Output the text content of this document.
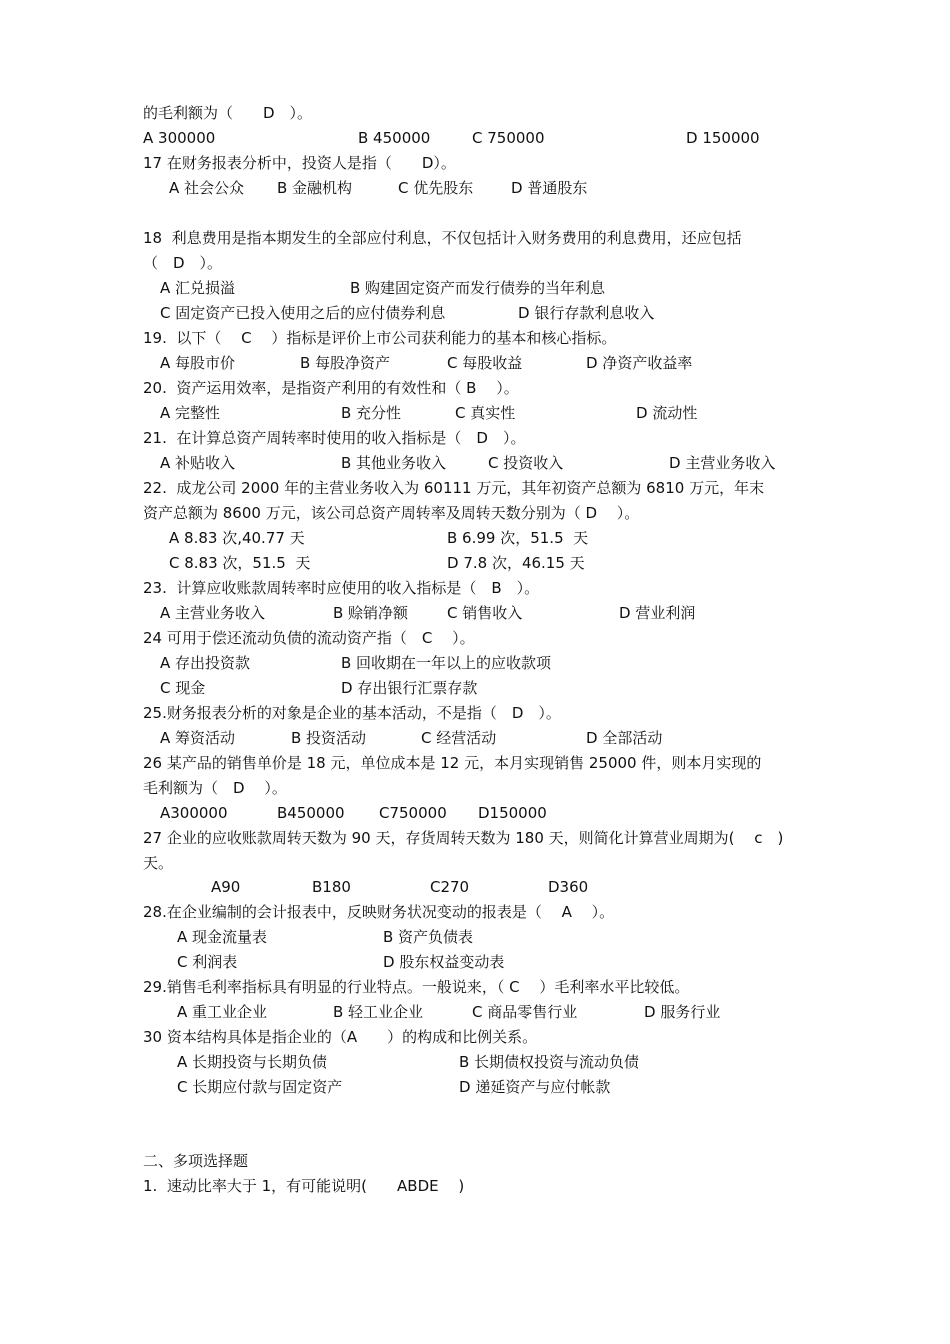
的毛利额为（　　D　）。
A 300000	B 450000	C 750000	D 150000
17 在财务报表分析中，投资人是指（　　D）。
A 社会公众 B 金融机构	C 优先股东	D 普通股东
18  利息费用是指本期发生的全部应付利息，不仅包括计入财务费用的利息费用，还应包括
（　D　）。
A 汇兑损溢	B 购建固定资产而发行债券的当年利息
C 固定资产已投入使用之后的应付债券利息	D 银行存款利息收入
19.  以下（　 C 　）指标是评价上市公司获利能力的基本和核心指标。
A 每股市价	B 每股净资产	C 每股收益	D 净资产收益率
20.  资产运用效率，是指资产利用的有效性和（ B　 ）。
A 完整性	B 充分性	C 真实性	D 流动性
21.  在计算总资产周转率时使用的收入指标是（　D　）。
A 补贴收入	B 其他业务收入	C 投资收入	D 主营业务收入
22.  成龙公司 2000 年的主营业务收入为 60111 万元，其年初资产总额为 6810 万元，年末
资产总额为 8600 万元，该公司总资产周转率及周转天数分别为（ D　 ）。
A 8.83 次,40.77 天	B 6.99 次，51.5  天
C 8.83 次，51.5  天	D 7.8 次，46.15 天
23.  计算应收账款周转率时应使用的收入指标是（　B　）。
A 主营业务收入	B 赊销净额	C 销售收入	D 营业利润
24 可用于偿还流动负债的流动资产指（　C　 ）。
A 存出投资款	B 回收期在一年以上的应收款项
C 现金	D 存出银行汇票存款
25.财务报表分析的对象是企业的基本活动，不是指（　D　）。
A 筹资活动	B 投资活动	C 经营活动	D 全部活动
26 某产品的销售单价是 18 元，单位成本是 12 元，本月实现销售 25000 件，则本月实现的
毛利额为（　D　 ）。
A300000	B450000 C750000 D150000
27 企业的应收账款周转天数为 90 天，存货周转天数为 180 天，则简化计算营业周期为(　 c　)
天。
A90	B180	C270	D360
28.在企业编制的会计报表中，反映财务状况变动的报表是（　 A　 ）。
A 现金流量表	B 资产负债表
C 利润表	D 股东权益变动表
29.销售毛利率指标具有明显的行业特点。一般说来，（ C　 ）毛利率水平比较低。
A 重工业企业	B 轻工业企业	C 商品零售行业	D 服务行业
30 资本结构具体是指企业的（A　　）的构成和比例关系。
A 长期投资与长期负债	B 长期债权投资与流动负债
C 长期应付款与固定资产	D 递延资产与应付帐款
二、多项选择题
1.  速动比率大于 1，有可能说明(　　ABDE　 )
